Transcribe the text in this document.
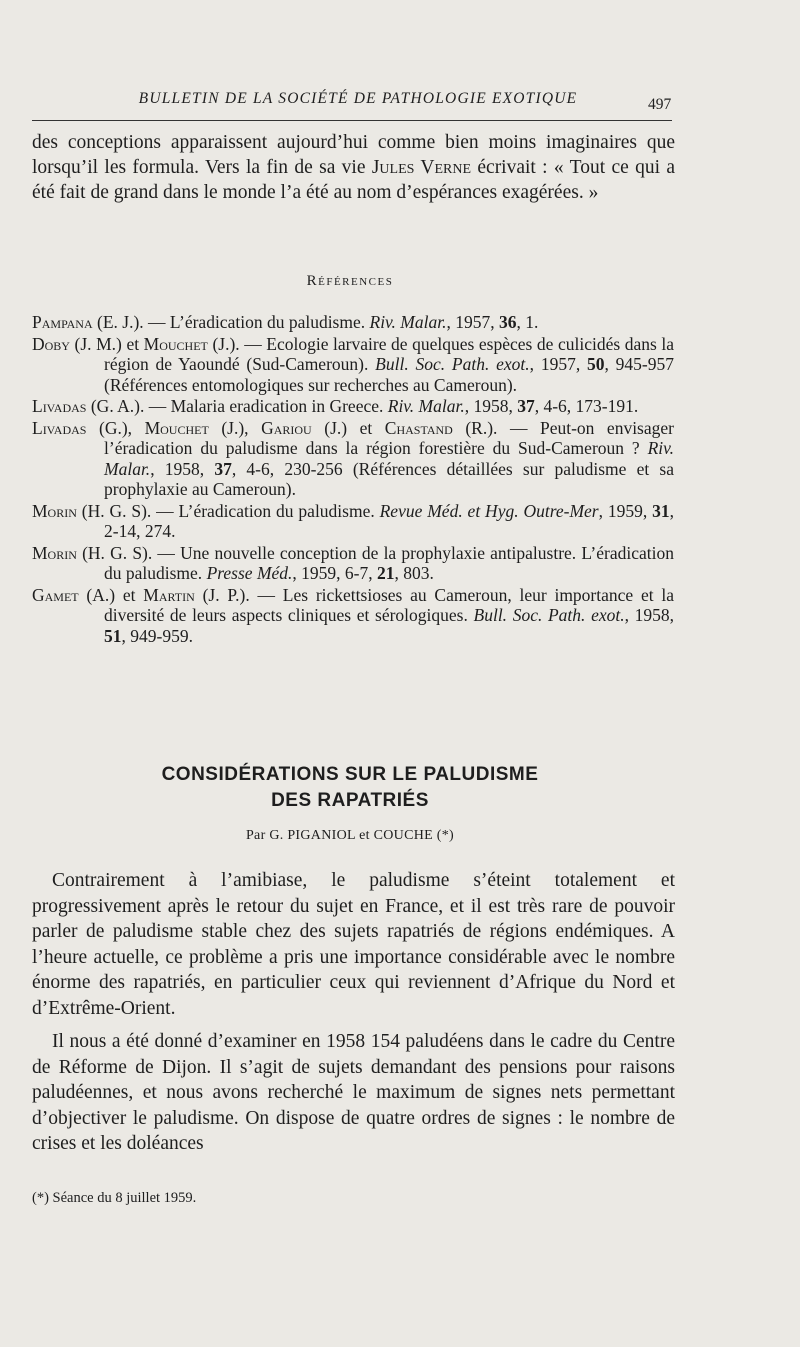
BULLETIN DE LA SOCIÉTÉ DE PATHOLOGIE EXOTIQUE	497
des conceptions apparaissent aujourd’hui comme bien moins imaginaires que lorsqu’il les formula. Vers la fin de sa vie Jules Verne écrivait : « Tout ce qui a été fait de grand dans le monde l’a été au nom d’espérances exagérées. »
Références

Pampana (E. J.). — L’éradication du paludisme. Riv. Malar., 1957, 36, 1.

Doby (J. M.) et Mouchet (J.). — Ecologie larvaire de quelques espèces de culicidés dans la région de Yaoundé (Sud-Cameroun). Bull. Soc. Path. exot., 1957, 50, 945-957 (Références entomologiques sur recherches au Cameroun).

Livadas (G. A.). — Malaria eradication in Greece. Riv. Malar., 1958, 37, 4-6, 173-191.

Livadas (G.), Mouchet (J.), Gariou (J.) et Chastand (R.). — Peut-on envisager l’éradication du paludisme dans la région forestière du Sud-Cameroun ? Riv. Malar., 1958, 37, 4-6, 230-256 (Références détaillées sur paludisme et sa prophylaxie au Cameroun).

Morin (H. G. S). — L’éradication du paludisme. Revue Méd. et Hyg. Outre-Mer, 1959, 31, 2-14, 274.

Morin (H. G. S). — Une nouvelle conception de la prophylaxie antipalustre. L’éradication du paludisme. Presse Méd., 1959, 6-7, 21, 803.

Gamet (A.) et Martin (J. P.). — Les rickettsioses au Cameroun, leur importance et la diversité de leurs aspects cliniques et sérologiques. Bull. Soc. Path. exot., 1958, 51, 949-959.

CONSIDÉRATIONS SUR LE PALUDISME
DES RAPATRIÉS
Par G. PIGANIOL et COUCHE (*)

Contrairement à l’amibiase, le paludisme s’éteint totalement et progressivement après le retour du sujet en France, et il est très rare de pouvoir parler de paludisme stable chez des sujets rapatriés de régions endémiques. A l’heure actuelle, ce problème a pris une importance considérable avec le nombre énorme des rapatriés, en particulier ceux qui reviennent d’Afrique du Nord et d’Extrême-Orient.

Il nous a été donné d’examiner en 1958 154 paludéens dans le cadre du Centre de Réforme de Dijon. Il s’agit de sujets demandant des pensions pour raisons paludéennes, et nous avons recherché le maximum de signes nets permettant d’objectiver le paludisme. On dispose de quatre ordres de signes : le nombre de crises et les doléances

(*) Séance du 8 juillet 1959.
